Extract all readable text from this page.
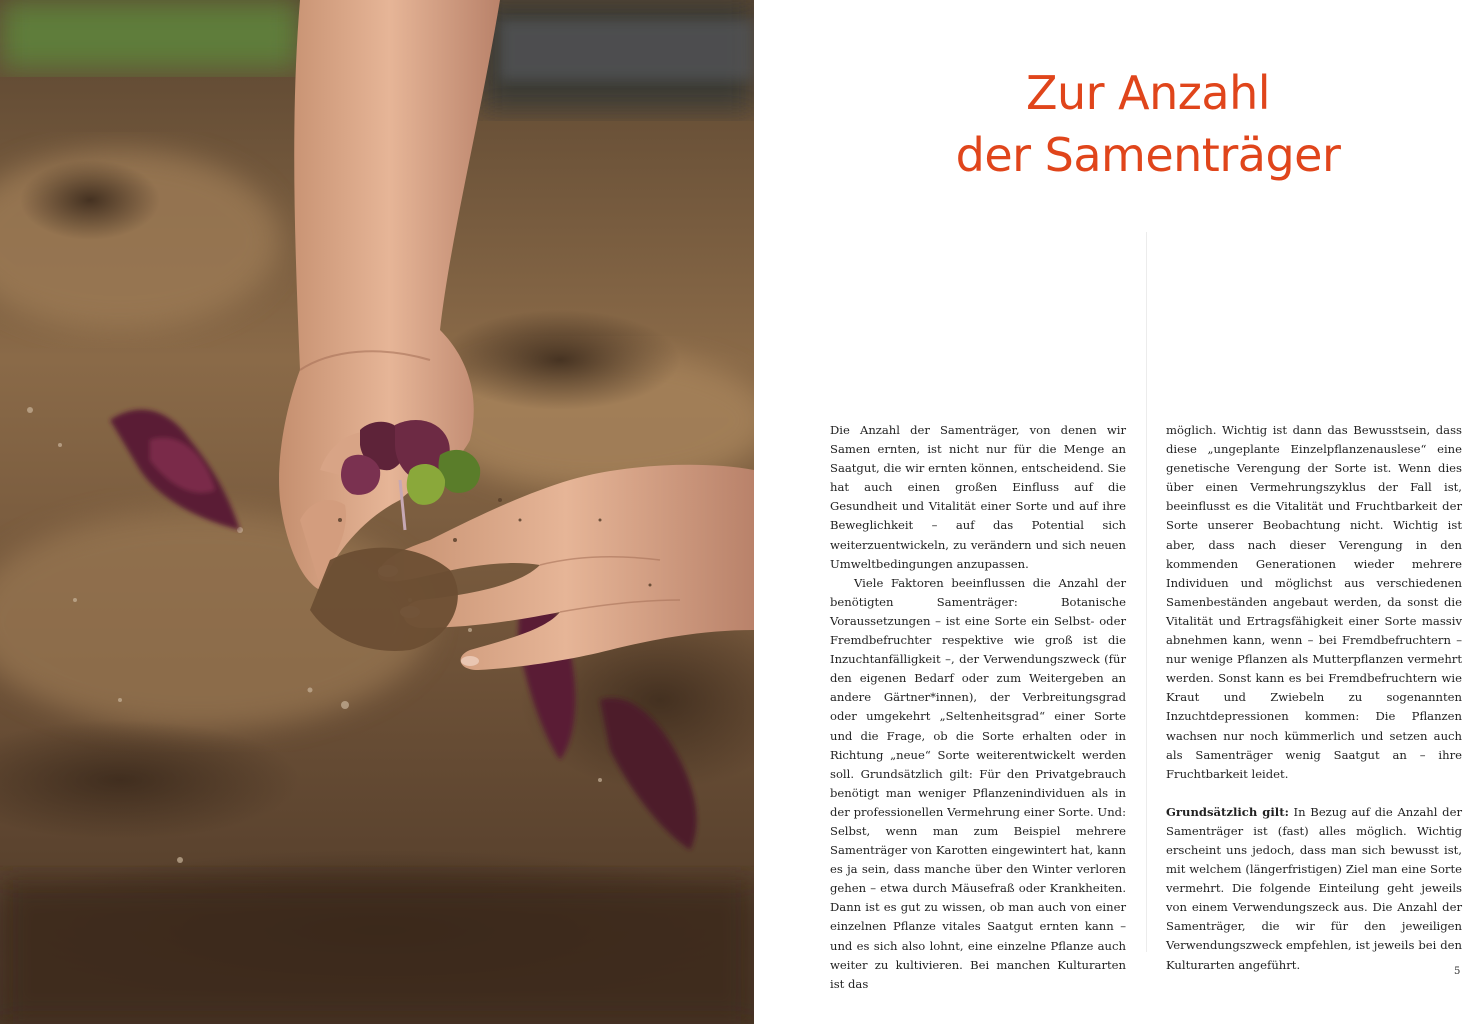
Zur Anzahl
der Samenträger

Die Anzahl der Samenträger, von denen wir Samen ernten, ist nicht nur für die Menge an Saatgut, die wir ernten können, entscheidend. Sie hat auch einen großen Einfluss auf die Gesundheit und Vitalität einer Sorte und auf ihre Beweglichkeit – auf das Potential sich weiterzuentwickeln, zu verändern und sich neuen Umweltbedingungen anzupassen.

Viele Faktoren beeinflussen die Anzahl der benötigten Samenträger: Botanische Voraussetzungen – ist eine Sorte ein Selbst- oder Fremdbefruchter respektive wie groß ist die Inzuchtanfälligkeit –, der Verwendungszweck (für den eigenen Bedarf oder zum Weitergeben an andere Gärtner*innen), der Verbreitungsgrad oder umgekehrt „Seltenheitsgrad“ einer Sorte und die Frage, ob die Sorte erhalten oder in Richtung „neue“ Sorte weiterentwickelt werden soll. Grundsätzlich gilt: Für den Privatgebrauch benötigt man weniger Pflanzenindividuen als in der professionellen Vermehrung einer Sorte. Und: Selbst, wenn man zum Beispiel mehrere Samenträger von Karotten eingewintert hat, kann es ja sein, dass manche über den Winter verloren gehen – etwa durch Mäusefraß oder Krankheiten. Dann ist es gut zu wissen, ob man auch von einer einzelnen Pflanze vitales Saatgut ernten kann – und es sich also lohnt, eine einzelne Pflanze auch weiter zu kultivieren. Bei manchen Kulturarten ist das

möglich. Wichtig ist dann das Bewusstsein, dass diese „ungeplante Einzelpflanzenauslese“ eine genetische Verengung der Sorte ist. Wenn dies über einen Vermehrungszyklus der Fall ist, beeinflusst es die Vitalität und Fruchtbarkeit der Sorte unserer Beobachtung nicht. Wichtig ist aber, dass nach dieser Verengung in den kommenden Generationen wieder mehrere Individuen und möglichst aus verschiedenen Samenbeständen angebaut werden, da sonst die Vitalität und Ertragsfähigkeit einer Sorte massiv abnehmen kann, wenn – bei Fremdbefruchtern – nur wenige Pflanzen als Mutterpflanzen vermehrt werden. Sonst kann es bei Fremdbefruchtern wie Kraut und Zwiebeln zu sogenannten Inzuchtdepressionen kommen: Die Pflanzen wachsen nur noch kümmerlich und setzen auch als Samenträger wenig Saatgut an – ihre Fruchtbarkeit leidet.

Grundsätzlich gilt: In Bezug auf die Anzahl der Samenträger ist (fast) alles möglich. Wichtig erscheint uns jedoch, dass man sich bewusst ist, mit welchem (längerfristigen) Ziel man eine Sorte vermehrt. Die folgende Einteilung geht jeweils von einem Verwendungszeck aus. Die Anzahl der Samenträger, die wir für den jeweiligen Verwendungszweck empfehlen, ist jeweils bei den Kulturarten angeführt.	5
